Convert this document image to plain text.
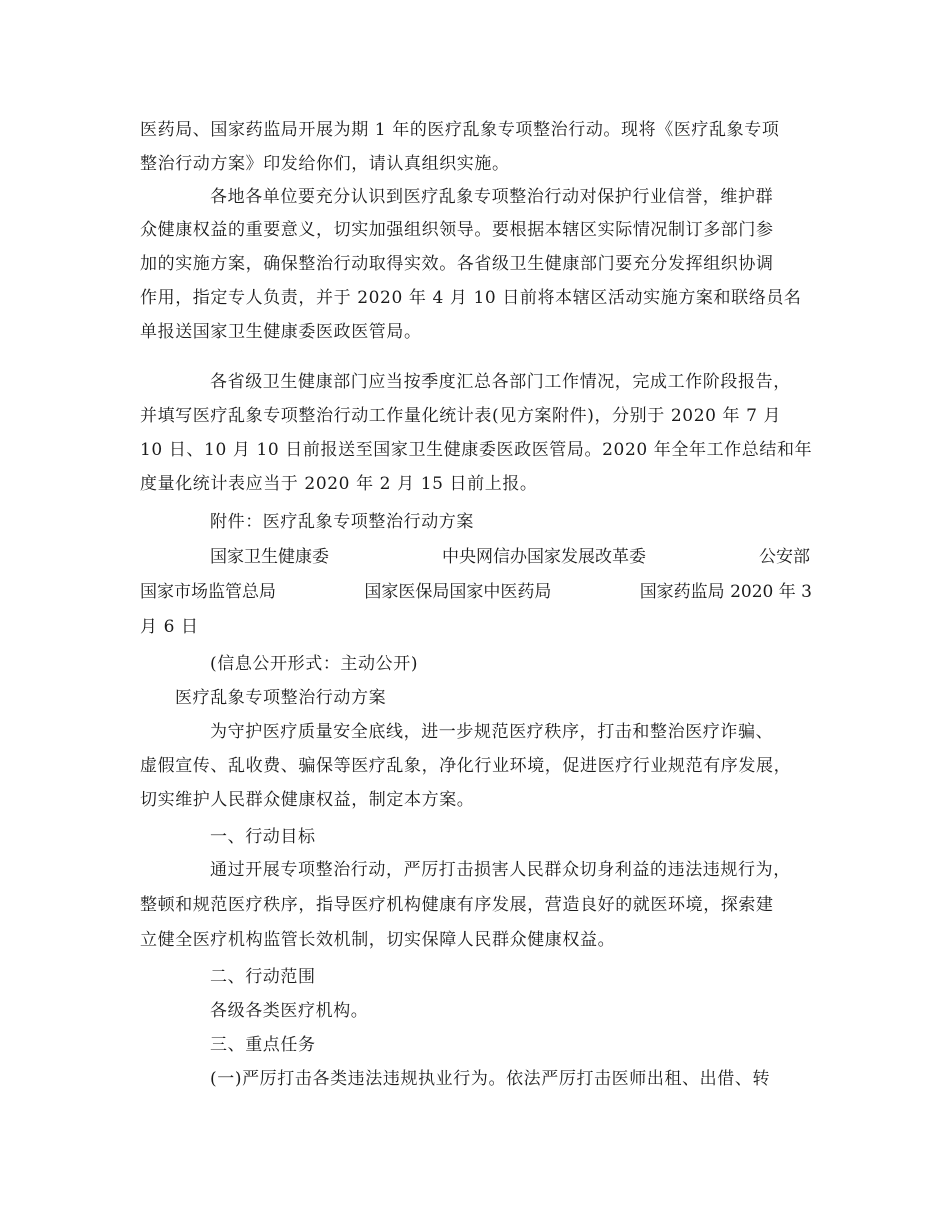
医药局、国家药监局开展为期 1 年的医疗乱象专项整治行动。现将《医疗乱象专项
整治行动方案》印发给你们，请认真组织实施。
各地各单位要充分认识到医疗乱象专项整治行动对保护行业信誉，维护群
众健康权益的重要意义，切实加强组织领导。要根据本辖区实际情况制订多部门参
加的实施方案，确保整治行动取得实效。各省级卫生健康部门要充分发挥组织协调
作用，指定专人负责，并于 2020 年 4 月 10 日前将本辖区活动实施方案和联络员名
单报送国家卫生健康委医政医管局。
各省级卫生健康部门应当按季度汇总各部门工作情况，完成工作阶段报告，
并填写医疗乱象专项整治行动工作量化统计表(见方案附件)，分别于 2020 年 7 月
10 日、10 月 10 日前报送至国家卫生健康委医政医管局。2020 年全年工作总结和年
度量化统计表应当于 2020 年 2 月 15 日前上报。
附件：医疗乱象专项整治行动方案
国家卫生健康委	中央网信办国家发展改革委	公安部
国家市场监管总局	国家医保局国家中医药局	国家药监局 2020 年 3
月 6 日
(信息公开形式：主动公开)
医疗乱象专项整治行动方案
为守护医疗质量安全底线，进一步规范医疗秩序，打击和整治医疗诈骗、
虚假宣传、乱收费、骗保等医疗乱象，净化行业环境，促进医疗行业规范有序发展，
切实维护人民群众健康权益，制定本方案。
一、行动目标
通过开展专项整治行动，严厉打击损害人民群众切身利益的违法违规行为，
整顿和规范医疗秩序，指导医疗机构健康有序发展，营造良好的就医环境，探索建
立健全医疗机构监管长效机制，切实保障人民群众健康权益。
二、行动范围
各级各类医疗机构。
三、重点任务
(一)严厉打击各类违法违规执业行为。依法严厉打击医师出租、出借、转
